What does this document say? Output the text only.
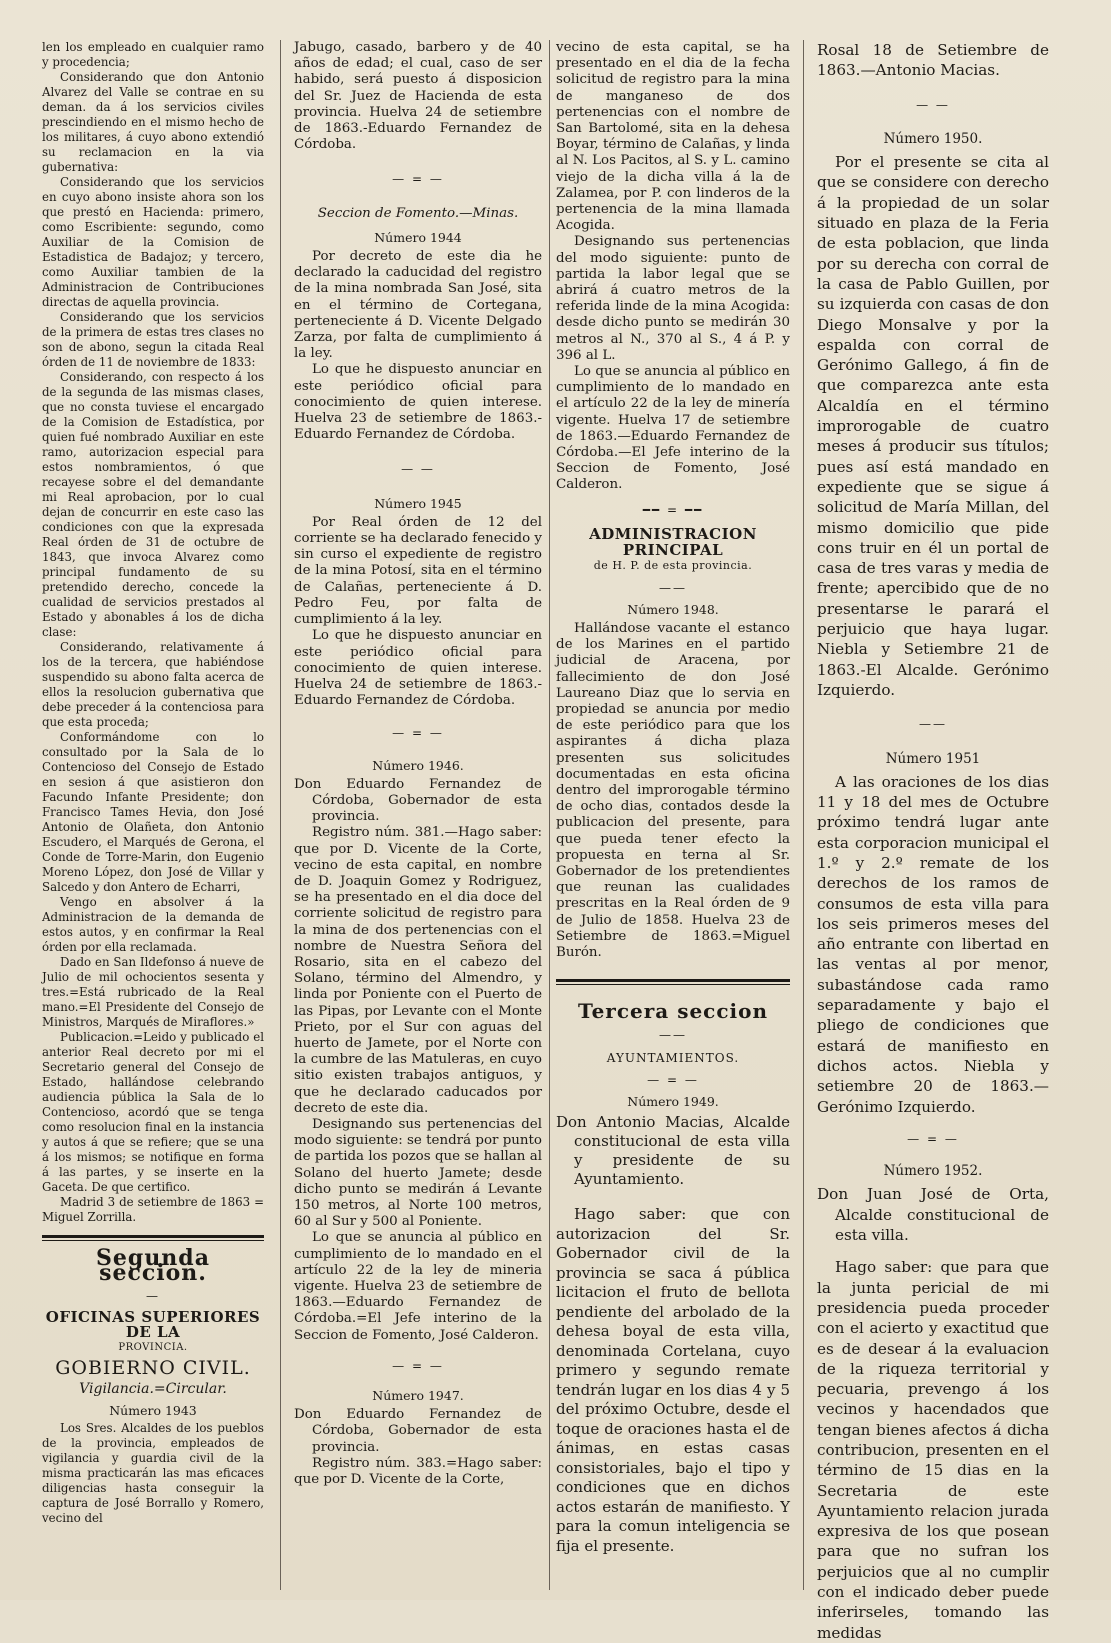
len los empleado en cualquier ramo y procedencia;

Considerando que don Antonio Alvarez del Valle se contrae en su deman. da á los servicios civiles prescindiendo en el mismo hecho de los militares, á cuyo abono extendió su reclamacion en la via gubernativa:

Considerando que los servicios en cuyo abono insiste ahora son los que prestó en Hacienda: primero, como Escribiente: segundo, como Auxiliar de la Comision de Estadistica de Badajoz; y tercero, como Auxiliar tambien de la Administracion de Contribuciones directas de aquella provincia.

Considerando que los servicios de la primera de estas tres clases no son de abono, segun la citada Real órden de 11 de noviembre de 1833:

Considerando, con respecto á los de la segunda de las mismas clases, que no consta tuviese el encargado de la Comision de Estadística, por quien fué nombrado Auxiliar en este ramo, autorizacion especial para estos nombramientos, ó que recayese sobre el del demandante mi Real aprobacion, por lo cual dejan de concurrir en este caso las condiciones con que la expresada Real órden de 31 de octubre de 1843, que invoca Alvarez como principal fundamento de su pretendido derecho, concede la cualidad de servicios prestados al Estado y abonables á los de dicha clase:

Considerando, relativamente á los de la tercera, que habiéndose suspendido su abono falta acerca de ellos la resolucion gubernativa que debe preceder á la contenciosa para que esta proceda;

Conformándome con lo consultado por la Sala de lo Contencioso del Consejo de Estado en sesion á que asistieron don Facundo Infante Presidente; don Francisco Tames Hevia, don José Antonio de Olañeta, don Antonio Escudero, el Marqués de Gerona, el Conde de Torre-Marin, don Eugenio Moreno López, don José de Villar y Salcedo y don Antero de Echarri,

Vengo en absolver á la Administracion de la demanda de estos autos, y en confirmar la Real órden por ella reclamada.

Dado en San Ildefonso á nueve de Julio de mil ochocientos sesenta y tres.=Está rubricado de la Real mano.=El Presidente del Consejo de Ministros, Marqués de Miraflores.»

Publicacion.=Leido y publicado el anterior Real decreto por mi el Secretario general del Consejo de Estado, hallándose celebrando audiencia pública la Sala de lo Contencioso, acordó que se tenga como resolucion final en la instancia y autos á que se refiere; que se una á los mismos; se notifique en forma á las partes, y se inserte en la Gaceta. De que certifico.

Madrid 3 de setiembre de 1863 = Miguel Zorrilla.

Segunda seccion.
—
OFICINAS SUPERIORES DE LA
PROVINCIA.
GOBIERNO CIVIL.
Vigilancia.=Circular.
Número 1943

Los Sres. Alcaldes de los pueblos de la provincia, empleados de vigilancia y guardia civil de la misma practicarán las mas eficaces diligencias hasta conseguir la captura de José Borrallo y Romero, vecino del

Jabugo, casado, barbero y de 40 años de edad; el cual, caso de ser habido, será puesto á disposicion del Sr. Juez de Hacienda de esta provincia. Huelva 24 de setiembre de 1863.-Eduardo Fernandez de Córdoba.

— = —
Seccion de Fomento.—Minas.
Número 1944

Por decreto de este dia he declarado la caducidad del registro de la mina nombrada San José, sita en el término de Cortegana, perteneciente á D. Vicente Delgado Zarza, por falta de cumplimiento á la ley.

Lo que he dispuesto anunciar en este periódico oficial para conocimiento de quien interese. Huelva 23 de setiembre de 1863.-Eduardo Fernandez de Córdoba.

— —
Número 1945

Por Real órden de 12 del corriente se ha declarado fenecido y sin curso el expediente de registro de la mina Potosí, sita en el término de Calañas, perteneciente á D. Pedro Feu, por falta de cumplimiento á la ley.

Lo que he dispuesto anunciar en este periódico oficial para conocimiento de quien interese. Huelva 24 de setiembre de 1863.-Eduardo Fernandez de Córdoba.

— = —
Número 1946.

Don Eduardo Fernandez de Córdoba, Gobernador de esta provincia.

Registro núm. 381.—Hago saber: que por D. Vicente de la Corte, vecino de esta capital, en nombre de D. Joaquin Gomez y Rodriguez, se ha presentado en el dia doce del corriente solicitud de registro para la mina de dos pertenencias con el nombre de Nuestra Señora del Rosario, sita en el cabezo del Solano, término del Almendro, y linda por Poniente con el Puerto de las Pipas, por Levante con el Monte Prieto, por el Sur con aguas del huerto de Jamete, por el Norte con la cumbre de las Matuleras, en cuyo sitio existen trabajos antiguos, y que he declarado caducados por decreto de este dia.

Designando sus pertenencias del modo siguiente: se tendrá por punto de partida los pozos que se hallan al Solano del huerto Jamete; desde dicho punto se medirán á Levante 150 metros, al Norte 100 metros, 60 al Sur y 500 al Poniente.

Lo que se anuncia al público en cumplimiento de lo mandado en el artículo 22 de la ley de mineria vigente. Huelva 23 de setiembre de 1863.—Eduardo Fernandez de Córdoba.=El Jefe interino de la Seccion de Fomento, José Calderon.

— = —
Número 1947.

Don Eduardo Fernandez de Córdoba, Gobernador de esta provincia.

Registro núm. 383.=Hago saber: que por D. Vicente de la Corte,

vecino de esta capital, se ha presentado en el dia de la fecha solicitud de registro para la mina de manganeso de dos pertenencias con el nombre de San Bartolomé, sita en la dehesa Boyar, término de Calañas, y linda al N. Los Pacitos, al S. y L. camino viejo de la dicha villa á la de Zalamea, por P. con linderos de la pertenencia de la mina llamada Acogida.

Designando sus pertenencias del modo siguiente: punto de partida la labor legal que se abrirá á cuatro metros de la referida linde de la mina Acogida: desde dicho punto se medirán 30 metros al N., 370 al S., 4 á P. y 396 al L.

Lo que se anuncia al público en cumplimiento de lo mandado en el artículo 22 de la ley de minería vigente. Huelva 17 de setiembre de 1863.—Eduardo Fernandez de Córdoba.—El Jefe interino de la Seccion de Fomento, José Calderon.

━━ = ━━
ADMINISTRACION PRINCIPAL
de H. P. de esta provincia.
——
Número 1948.

Hallándose vacante el estanco de los Marines en el partido judicial de Aracena, por fallecimiento de don José Laureano Diaz que lo servia en propiedad se anuncia por medio de este periódico para que los aspirantes á dicha plaza presenten sus solicitudes documentadas en esta oficina dentro del improrogable término de ocho dias, contados desde la publicacion del presente, para que pueda tener efecto la propuesta en terna al Sr. Gobernador de los pretendientes que reunan las cualidades prescritas en la Real órden de 9 de Julio de 1858. Huelva 23 de Setiembre de 1863.=Miguel Burón.

Tercera seccion
——
AYUNTAMIENTOS.
— = —
Número 1949.

Don Antonio Macias, Alcalde constitucional de esta villa y presidente de su Ayuntamiento.

Hago saber: que con autorizacion del Sr. Gobernador civil de la provincia se saca á pública licitacion el fruto de bellota pendiente del arbolado de la dehesa boyal de esta villa, denominada Cortelana, cuyo primero y segundo remate tendrán lugar en los dias 4 y 5 del próximo Octubre, desde el toque de oraciones hasta el de ánimas, en estas casas consistoriales, bajo el tipo y condiciones que en dichos actos estarán de manifiesto. Y para la comun inteligencia se fija el presente.

Rosal 18 de Setiembre de 1863.—Antonio Macias.

— —
Número 1950.

Por el presente se cita al que se considere con derecho á la propiedad de un solar situado en plaza de la Feria de esta poblacion, que linda por su derecha con corral de la casa de Pablo Guillen, por su izquierda con casas de don Diego Monsalve y por la espalda con corral de Gerónimo Gallego, á fin de que comparezca ante esta Alcaldía en el término improrogable de cuatro meses á producir sus títulos; pues así está mandado en expediente que se sigue á solicitud de María Millan, del mismo domicilio que pide cons truir en él un portal de casa de tres varas y media de frente; apercibido que de no presentarse le parará el perjuicio que haya lugar. Niebla y Setiembre 21 de 1863.-El Alcalde. Gerónimo Izquierdo.

——
Número 1951

A las oraciones de los dias 11 y 18 del mes de Octubre próximo tendrá lugar ante esta corporacion municipal el 1.º y 2.º remate de los derechos de los ramos de consumos de esta villa para los seis primeros meses del año entrante con libertad en las ventas al por menor, subastándose cada ramo separadamente y bajo el pliego de condiciones que estará de manifiesto en dichos actos. Niebla y setiembre 20 de 1863.—Gerónimo Izquierdo.

— = —
Número 1952.

Don Juan José de Orta, Alcalde constitucional de esta villa.

Hago saber: que para que la junta pericial de mi presidencia pueda proceder con el acierto y exactitud que es de desear á la evaluacion de la riqueza territorial y pecuaria, prevengo á los vecinos y hacendados que tengan bienes afectos á dicha contribucion, presenten en el término de 15 dias en la Secretaria de este Ayuntamiento relacion jurada expresiva de los que posean para que no sufran los perjuicios que al no cumplir con el indicado deber puede inferirseles, tomando las medidas
